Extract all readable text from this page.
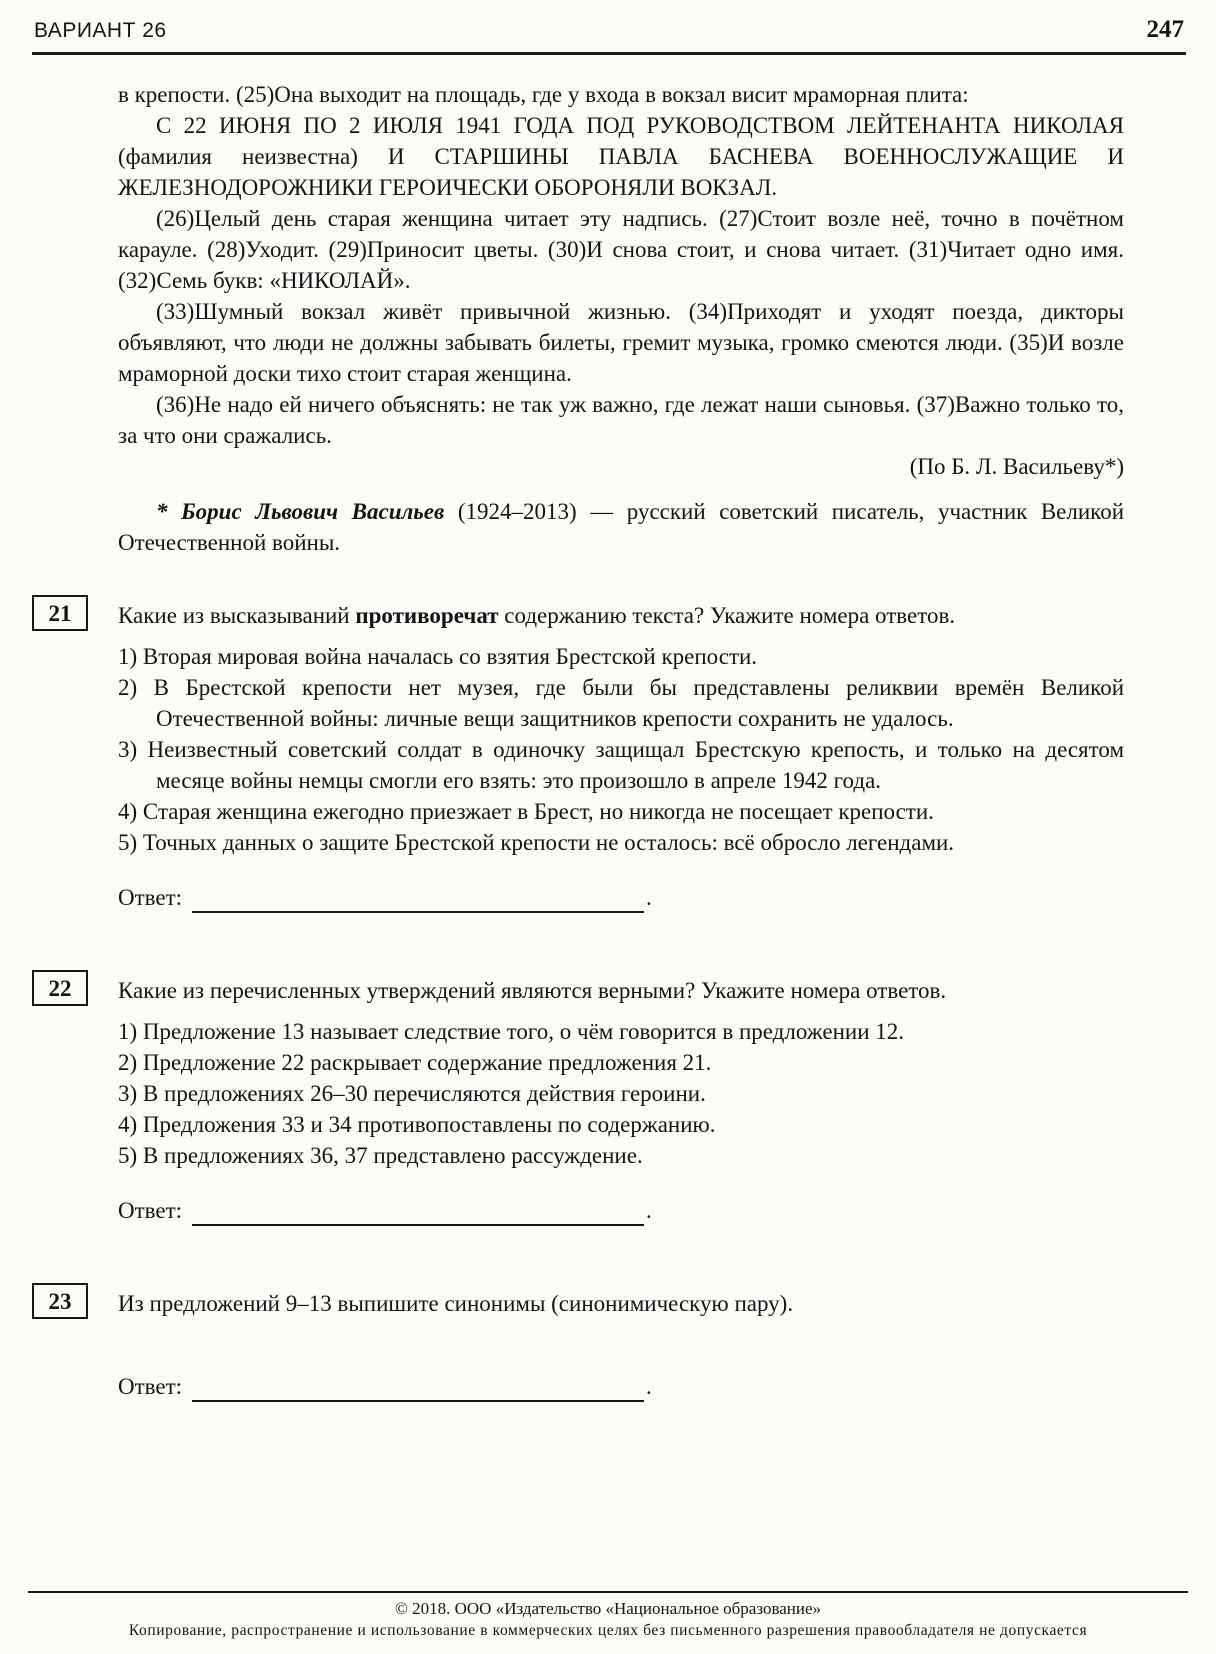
ВАРИАНТ 26	247

в крепости. (25)Она выходит на площадь, где у входа в вокзал висит мраморная плита:

С 22 ИЮНЯ ПО 2 ИЮЛЯ 1941 ГОДА ПОД РУКОВОДСТВОМ ЛЕЙТЕНАНТА НИКОЛАЯ (фамилия неизвестна) И СТАРШИНЫ ПАВЛА БАСНЕВА ВОЕННОСЛУЖАЩИЕ И ЖЕЛЕЗНОДОРОЖНИКИ ГЕРОИЧЕСКИ ОБОРОНЯЛИ ВОКЗАЛ.

(26)Целый день старая женщина читает эту надпись. (27)Стоит возле неё, точно в почётном карауле. (28)Уходит. (29)Приносит цветы. (30)И снова стоит, и снова читает. (31)Читает одно имя. (32)Семь букв: «НИКОЛАЙ».

(33)Шумный вокзал живёт привычной жизнью. (34)Приходят и уходят поезда, дикторы объявляют, что люди не должны забывать билеты, гремит музыка, громко смеются люди. (35)И возле мраморной доски тихо стоит старая женщина.

(36)Не надо ей ничего объяснять: не так уж важно, где лежат наши сыновья. (37)Важно только то, за что они сражались.

(По Б. Л. Васильеву*)

* Борис Львович Васильев (1924–2013) — русский советский писатель, участник Великой Отечественной войны.

21 Какие из высказываний противоречат содержанию текста? Укажите номера ответов.

1) Вторая мировая война началась со взятия Брестской крепости.

2) В Брестской крепости нет музея, где были бы представлены реликвии времён Великой Отечественной войны: личные вещи защитников крепости сохранить не удалось.

3) Неизвестный советский солдат в одиночку защищал Брестскую крепость, и только на десятом месяце войны немцы смогли его взять: это произошло в апреле 1942 года.

4) Старая женщина ежегодно приезжает в Брест, но никогда не посещает крепости.

5) Точных данных о защите Брестской крепости не осталось: всё обросло легендами.

Ответ:	.
22 Какие из перечисленных утверждений являются верными? Укажите номера ответов.

1) Предложение 13 называет следствие того, о чём говорится в предложении 12.

2) Предложение 22 раскрывает содержание предложения 21.

3) В предложениях 26–30 перечисляются действия героини.

4) Предложения 33 и 34 противопоставлены по содержанию.

5) В предложениях 36, 37 представлено рассуждение.

Ответ:	.
23 Из предложений 9–13 выпишите синонимы (синонимическую пару).

Ответ:	.

© 2018. ООО «Издательство «Национальное образование»

Копирование, распространение и использование в коммерческих целях без письменного разрешения правообладателя не допускается
